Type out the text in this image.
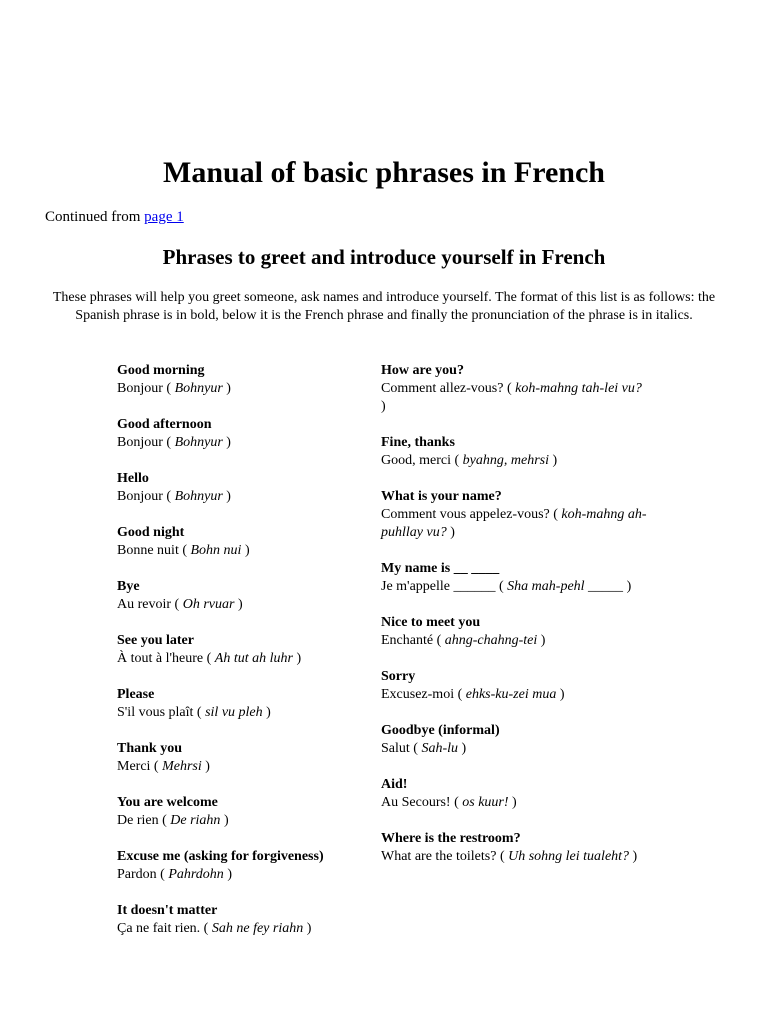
Manual of basic phrases in French
Continued from page 1
Phrases to greet and introduce yourself in French

These phrases will help you greet someone, ask names and introduce yourself. The format of this list is as follows: the Spanish phrase is in bold, below it is the French phrase and finally the pronunciation of the phrase is in italics.

Good morning
Bonjour ( Bohnyur )

Good afternoon
Bonjour ( Bohnyur )

Hello
Bonjour ( Bohnyur )

Good night
Bonne nuit ( Bohn nui )

Bye
Au revoir ( Oh rvuar )

See you later
À tout à l'heure ( Ah tut ah luhr )

Please
S'il vous plaît ( sil vu pleh )

Thank you
Merci ( Mehrsi )

You are welcome
De rien ( De riahn )

Excuse me (asking for forgiveness)
Pardon ( Pahrdohn )

It doesn't matter
Ça ne fait rien. ( Sah ne fey riahn )

How are you?
Comment allez-vous? ( koh-mahng tah-lei vu? )

Fine, thanks
Good, merci ( byahng, mehrsi )

What is your name?
Comment vous appelez-vous? ( koh-mahng ah-puhllay vu? )

My name is __ ____
Je m'appelle ______ ( Sha mah-pehl _____ )

Nice to meet you
Enchanté ( ahng-chahng-tei )

Sorry
Excusez-moi ( ehks-ku-zei mua )

Goodbye (informal)
Salut ( Sah-lu )

Aid!
Au Secours! ( os kuur! )

Where is the restroom?
What are the toilets? ( Uh sohng lei tualeht? )
